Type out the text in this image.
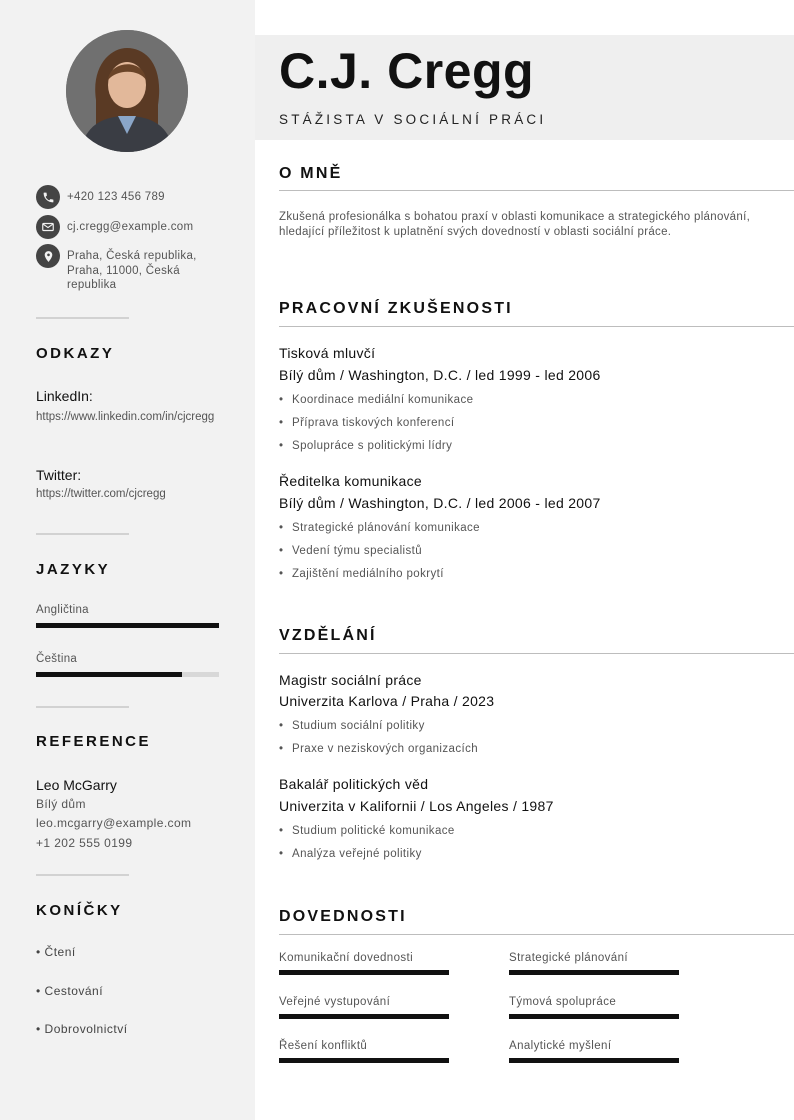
+420 123 456 789
cj.cregg@example.com
Praha, Česká republika, Praha, 11000, Česká republika
ODKAZY
LinkedIn:
https://www.linkedin.com/in/cjcregg
Twitter:
https://twitter.com/cjcregg
JAZYKY
Angličtina
Čeština
REFERENCE
Leo McGarry
Bílý dům
leo.mcgarry@example.com
+1 202 555 0199
KONÍČKY
• Čtení
• Cestování
• Dobrovolnictví
C.J. Cregg
STÁŽISTA V SOCIÁLNÍ PRÁCI
O MNĚ
Zkušená profesionálka s bohatou praxí v oblasti komunikace a strategického plánování, hledající příležitost k uplatnění svých dovedností v oblasti sociální práce.
PRACOVNÍ ZKUŠENOSTI
Tisková mluvčí
Bílý dům / Washington, D.C. / led 1999 - led 2006
• Koordinace mediální komunikace
• Příprava tiskových konferencí
• Spolupráce s politickými lídry
Ředitelka komunikace
Bílý dům / Washington, D.C. / led 2006 - led 2007
• Strategické plánování komunikace
• Vedení týmu specialistů
• Zajištění mediálního pokrytí
VZDĚLÁNÍ
Magistr sociální práce
Univerzita Karlova / Praha / 2023
• Studium sociální politiky
• Praxe v neziskových organizacích
Bakalář politických věd
Univerzita v Kalifornii / Los Angeles / 1987
• Studium politické komunikace
• Analýza veřejné politiky
DOVEDNOSTI
Komunikační dovednosti	Strategické plánování
Veřejné vystupování	Týmová spolupráce
Řešení konfliktů	Analytické myšlení
